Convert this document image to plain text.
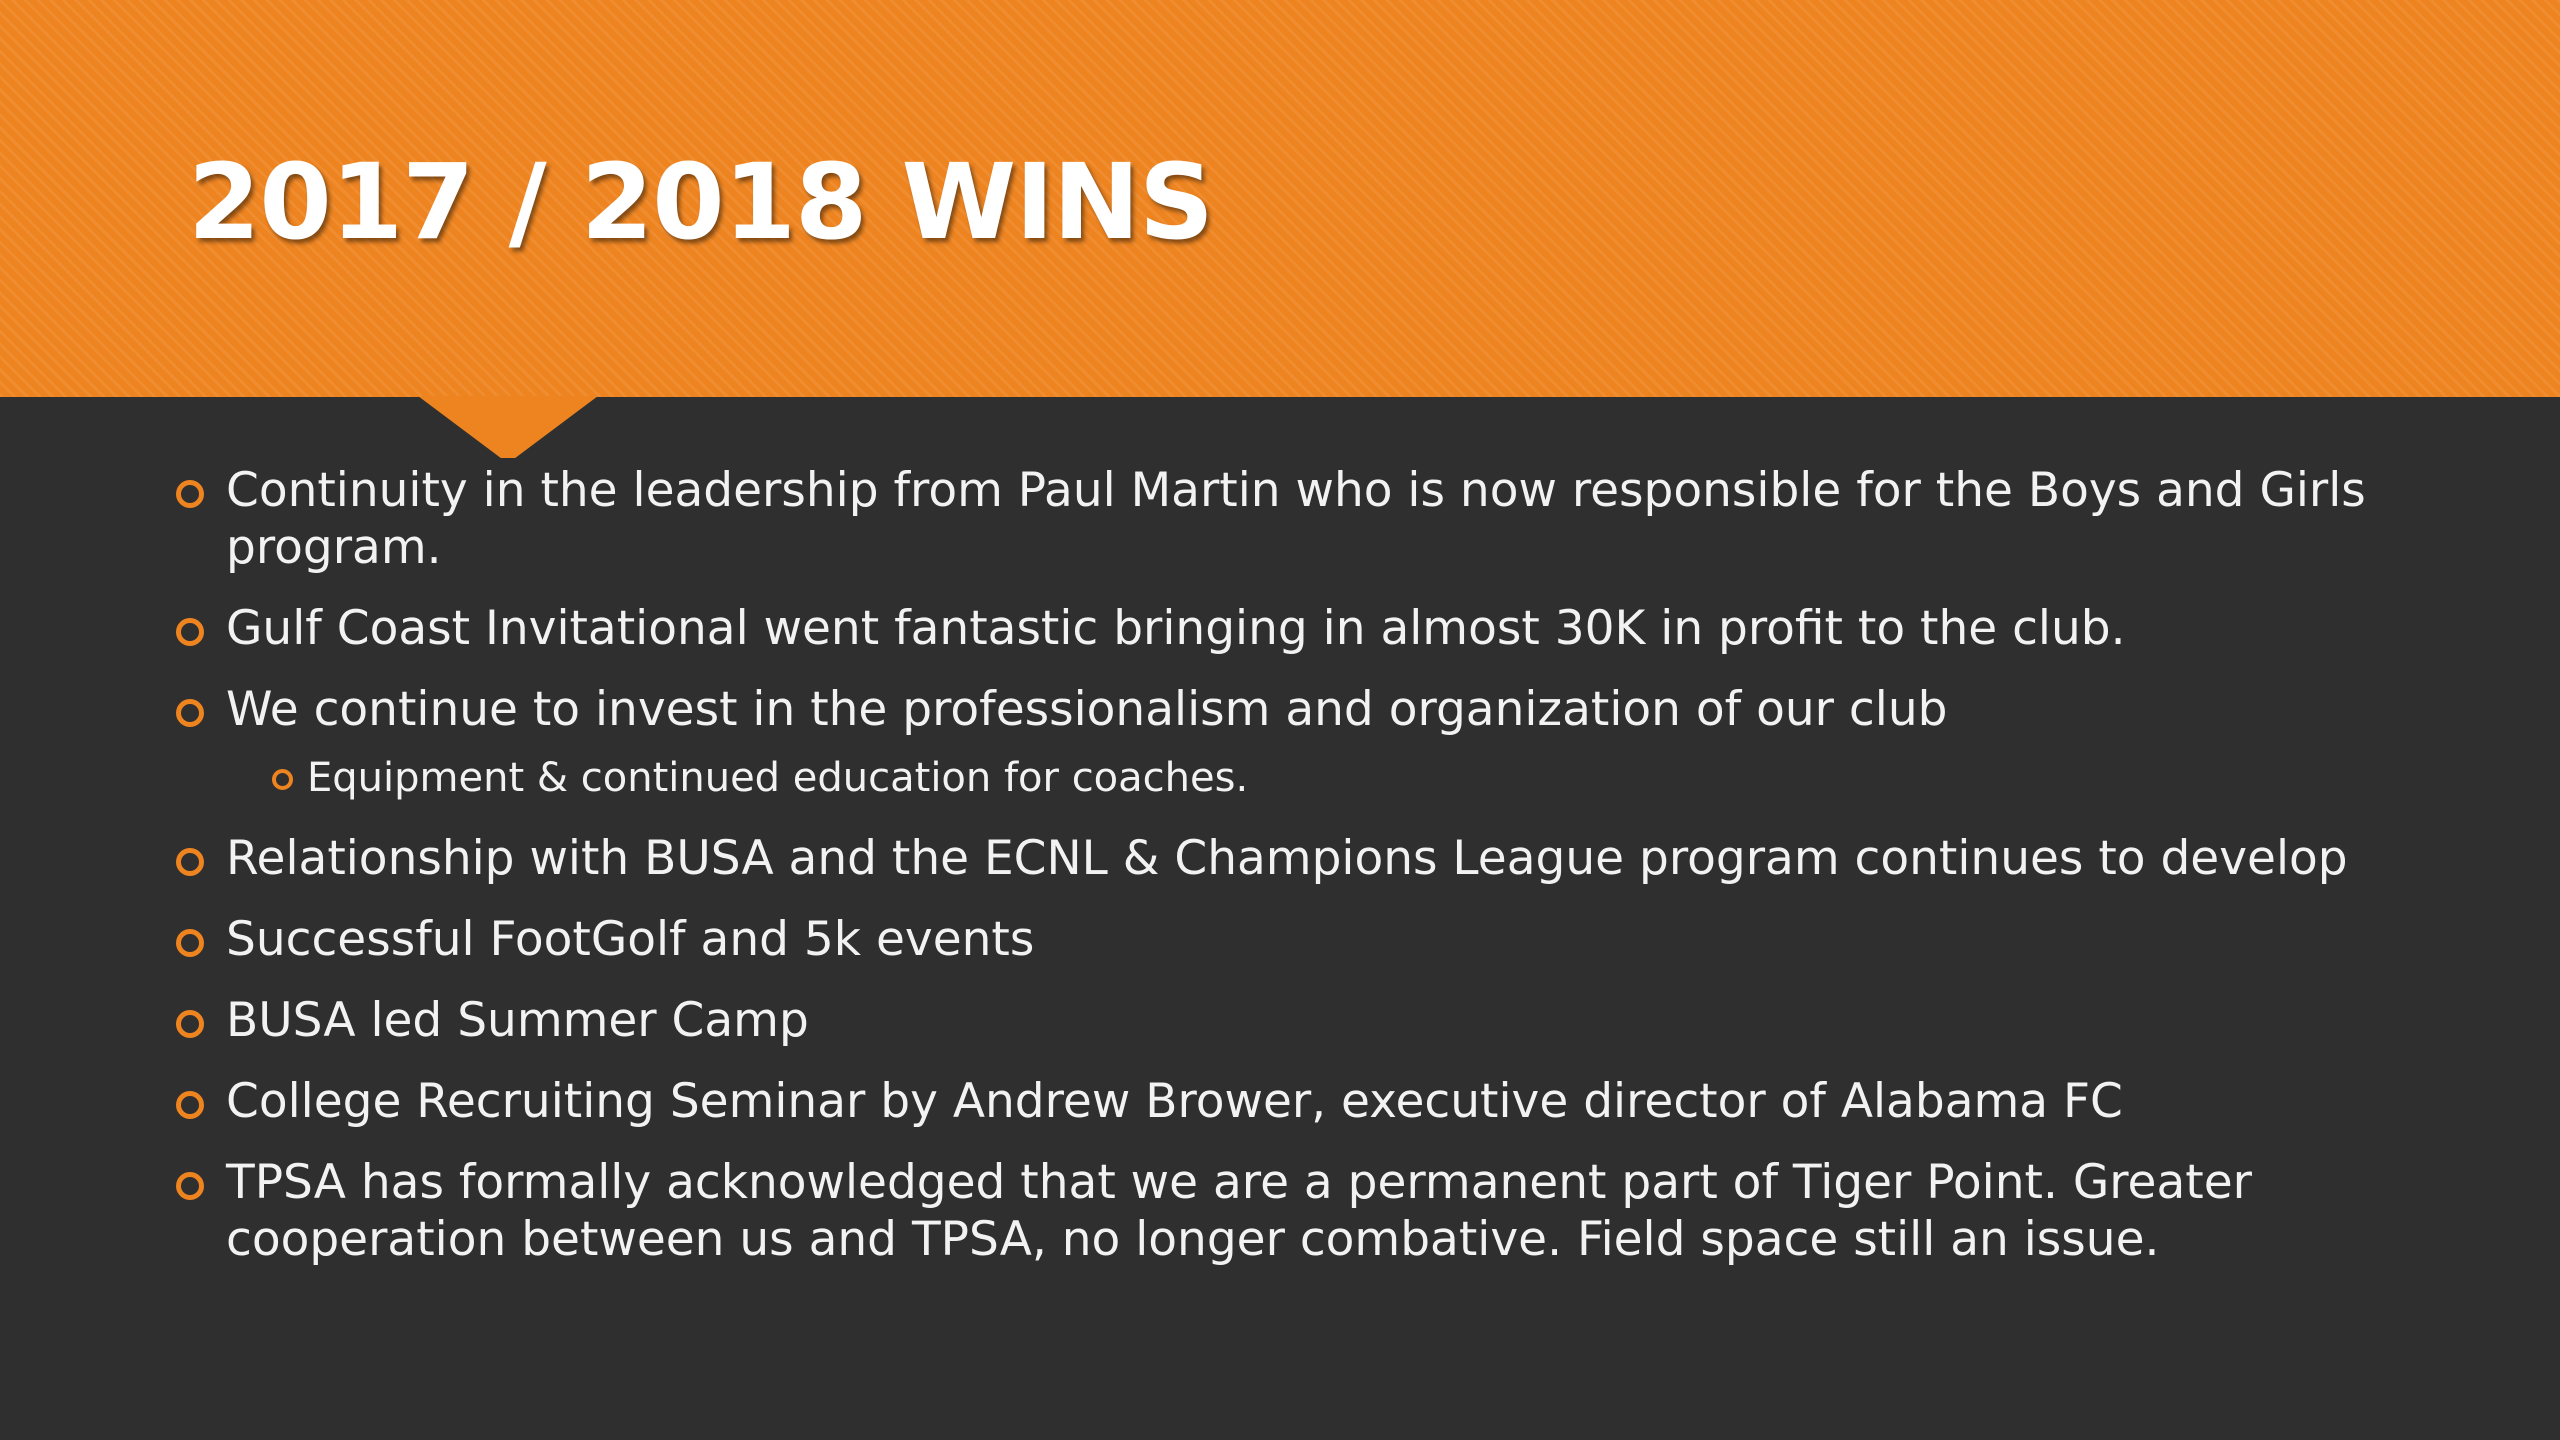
2017 / 2018 WINS
Continuity in the leadership from Paul Martin who is now responsible for the Boys and Girls program.
Gulf Coast Invitational went fantastic bringing in almost 30K in profit to the club.
We continue to invest in the professionalism and organization of our club
Equipment & continued education for coaches.
Relationship with BUSA and the ECNL & Champions League program continues to develop
Successful FootGolf and 5k events
BUSA led Summer Camp
College Recruiting Seminar by Andrew Brower, executive director of Alabama FC
TPSA has formally acknowledged that we are a permanent part of Tiger Point. Greater cooperation between us and TPSA, no longer combative. Field space still an issue.
